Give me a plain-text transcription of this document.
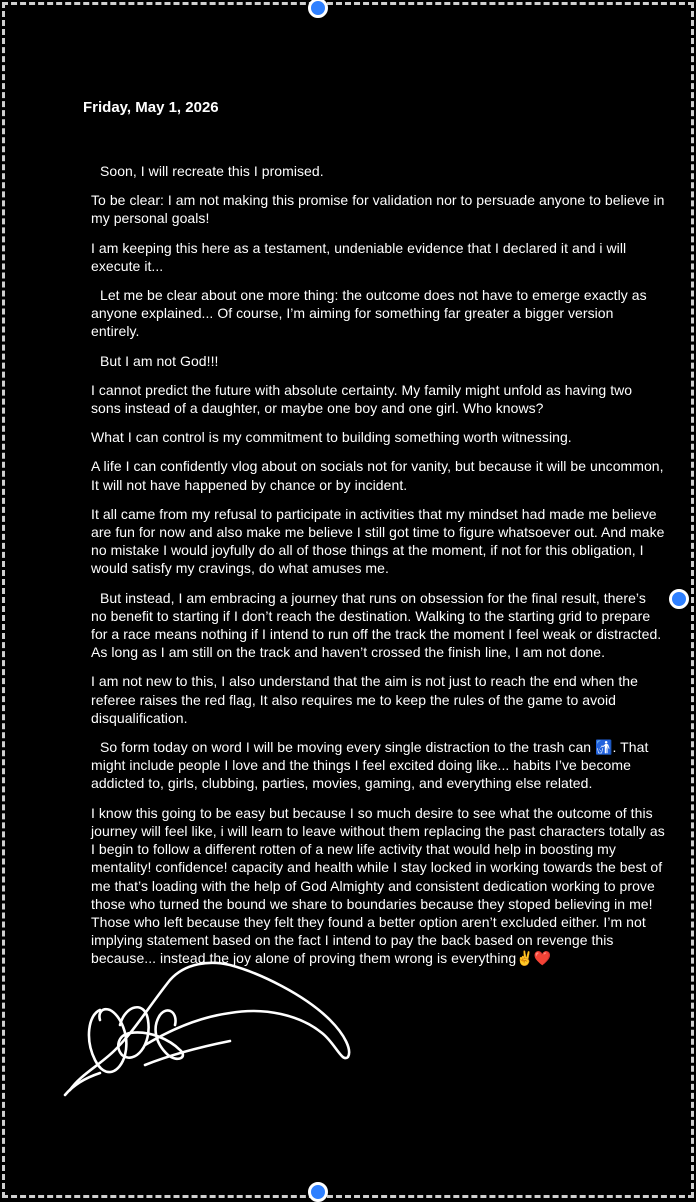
Friday, May 1, 2026

Soon, I will recreate this I promised.

To be clear: I am not making this promise for validation nor to persuade anyone to believe in my personal goals!

I am keeping this here as a testament, undeniable evidence that I declared it and i will execute it...

Let me be clear about one more thing: the outcome does not have to emerge exactly as anyone explained... Of course, I’m aiming for something far greater a bigger version entirely.

But I am not God!!!

I cannot predict the future with absolute certainty. My family might unfold as having two sons instead of a daughter, or maybe one boy and one girl. Who knows?

What I can control is my commitment to building something worth witnessing.

A life I can confidently vlog about on socials not for vanity, but because it will be uncommon, It will not have happened by chance or by incident.

It all came from my refusal to participate in activities that my mindset had made me believe are fun for now and also make me believe I still got time to figure whatsoever out. And make no mistake I would joyfully do all of those things at the moment, if not for this obligation, I would satisfy my cravings, do what amuses me.

But instead, I am embracing a journey that runs on obsession for the final result, there’s no benefit to starting if I don’t reach the destination. Walking to the starting grid to prepare for a race means nothing if I intend to run off the track the moment I feel weak or distracted. As long as I am still on the track and haven’t crossed the finish line, I am not done.

I am not new to this, I also understand that the aim is not just to reach the end when the referee raises the red flag, It also requires me to keep the rules of the game to avoid disqualification.

So form today on word I will be moving every single distraction to the trash can 🚮. That might include people I love and the things I feel excited doing like... habits I’ve become addicted to, girls, clubbing, parties, movies, gaming, and everything else related.

I know this going to be easy but because I so much desire to see what the outcome of this journey will feel like, i will learn to leave without them replacing the past characters totally as I begin to follow a different rotten of a new life activity that would help in boosting my mentality! confidence! capacity and health while I stay locked in working towards the best of me that’s loading with the help of God Almighty and consistent dedication working to prove those who turned the bound we share to boundaries because they stoped believing in me! Those who left because they felt they found a better option aren’t excluded either. I’m not implying statement based on the fact I intend to pay the back based on revenge this because... instead the joy alone of proving them wrong is everything✌️❤️
